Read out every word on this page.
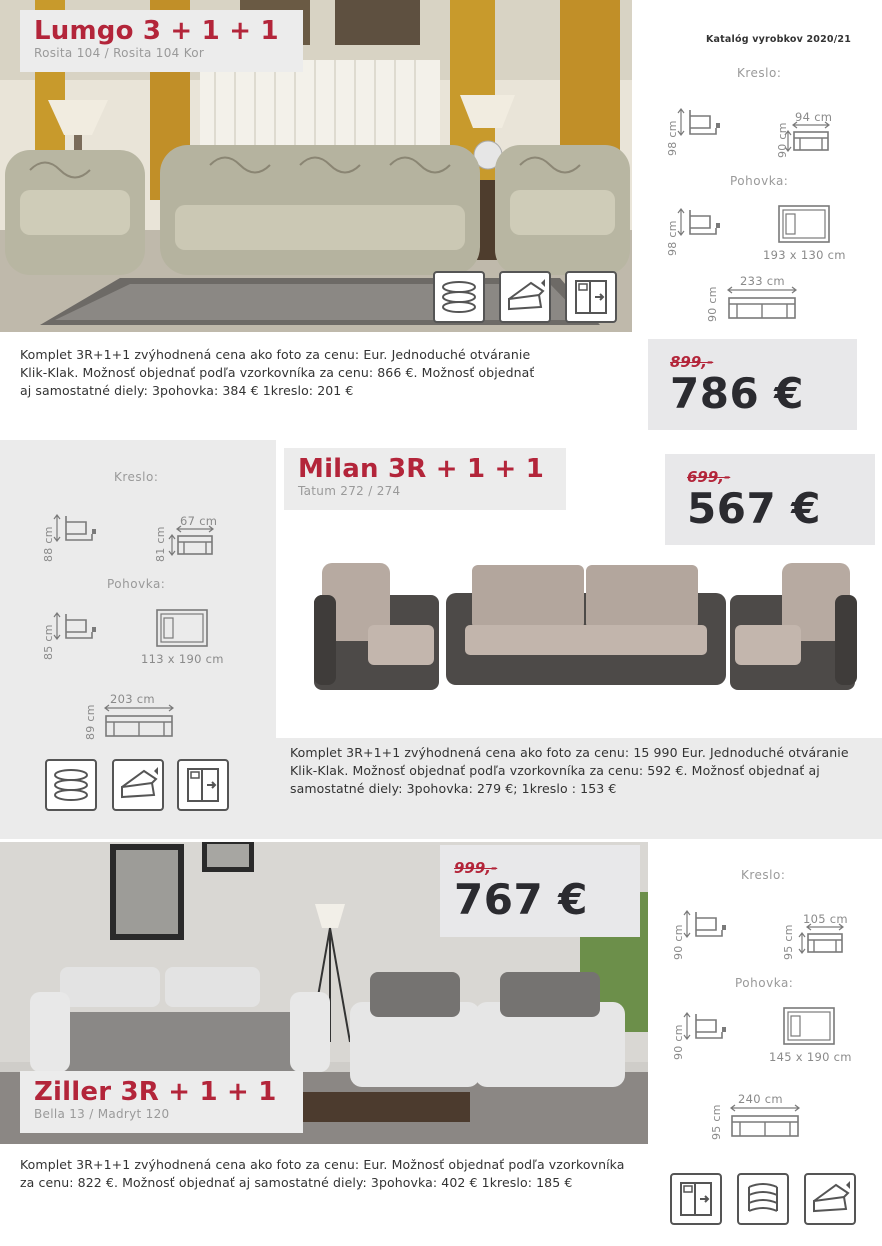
Lumgo 3 + 1 + 1
Rosita 104 / Rosita 104 Kor
Katalóg vyrobkov 2020/21
Kreslo:
98 cm
94 cm
90 cm
Pohovka:
98 cm	193 x 130 cm
233 cm
90 cm
Komplet 3R+1+1 zvýhodnená cena ako foto za cenu: Eur. Jednoduché otváranie
Klik-Klak. Možnosť objednať podľa vzorkovníka za cenu: 866 €. Možnosť objednať
aj samostatné diely: 3pohovka: 384 € 1kreslo: 201 €
899,-
786 €
Kreslo:
88 cm
67 cm
81 cm
Pohovka:
85 cm	113 x 190 cm
203 cm
89 cm
Milan 3R + 1 + 1
Tatum 272 / 274
699,-
567 €
Komplet 3R+1+1 zvýhodnená cena ako foto za cenu: 15 990 Eur. Jednoduché otváranie
Klik-Klak. Možnosť objednať podľa vzorkovníka za cenu: 592 €. Možnosť objednať aj
samostatné diely: 3pohovka: 279 €; 1kreslo : 153 €
999,-
767 €
Ziller 3R + 1 + 1
Bella 13 / Madryt 120
Kreslo:
90 cm
105 cm
95 cm
Pohovka:
90 cm	145 x 190 cm
240 cm
95 cm
Komplet 3R+1+1 zvýhodnená cena ako foto za cenu: Eur. Možnosť objednať podľa vzorkovníka
za cenu: 822 €. Možnosť objednať aj samostatné diely: 3pohovka: 402 € 1kreslo: 185 €
